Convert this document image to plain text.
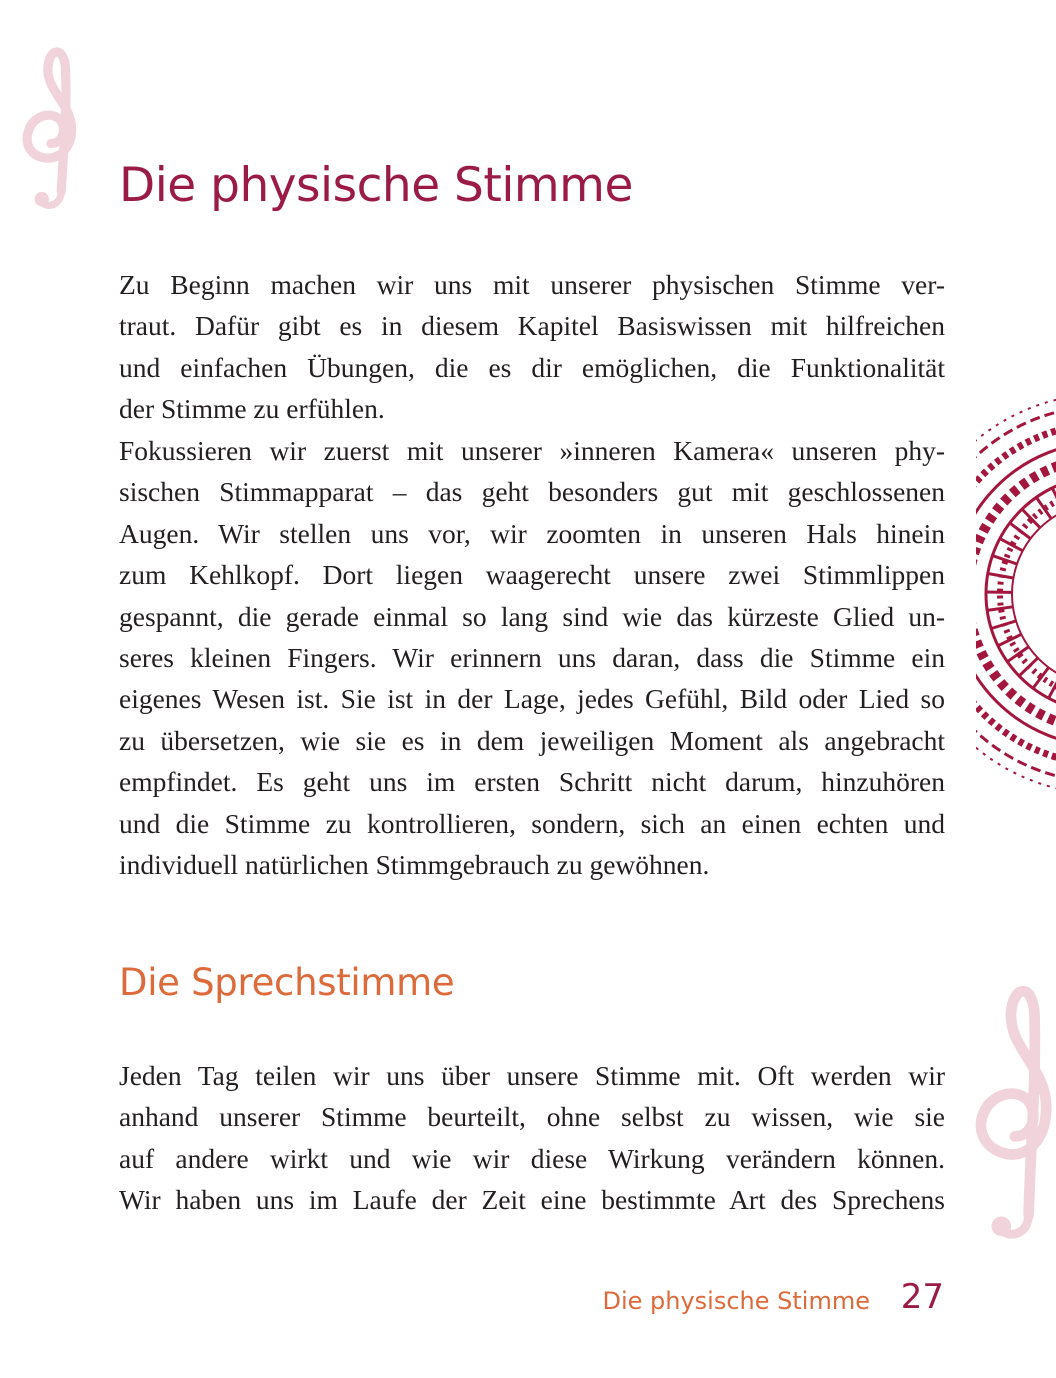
Die physische Stimme
Zu Beginn machen wir uns mit unserer physischen Stimme ver-
traut. Dafür gibt es in diesem Kapitel Basiswissen mit hilfreichen
und einfachen Übungen, die es dir emöglichen, die Funktionalität
der Stimme zu erfühlen.
Fokussieren wir zuerst mit unserer »inneren Kamera« unseren phy-
sischen Stimmapparat – das geht besonders gut mit geschlossenen
Augen. Wir stellen uns vor, wir zoomten in unseren Hals hinein
zum Kehlkopf. Dort liegen waagerecht unsere zwei Stimmlippen
gespannt, die gerade einmal so lang sind wie das kürzeste Glied un-
seres kleinen Fingers. Wir erinnern uns daran, dass die Stimme ein
eigenes Wesen ist. Sie ist in der Lage, jedes Gefühl, Bild oder Lied so
zu übersetzen, wie sie es in dem jeweiligen Moment als angebracht
empfindet. Es geht uns im ersten Schritt nicht darum, hinzuhören
und die Stimme zu kontrollieren, sondern, sich an einen echten und
individuell natürlichen Stimmgebrauch zu gewöhnen.
Die Sprechstimme
Jeden Tag teilen wir uns über unsere Stimme mit. Oft werden wir
anhand unserer Stimme beurteilt, ohne selbst zu wissen, wie sie
auf andere wirkt und wie wir diese Wirkung verändern können.
Wir haben uns im Laufe der Zeit eine bestimmte Art des Sprechens
Die physische Stimme 27
